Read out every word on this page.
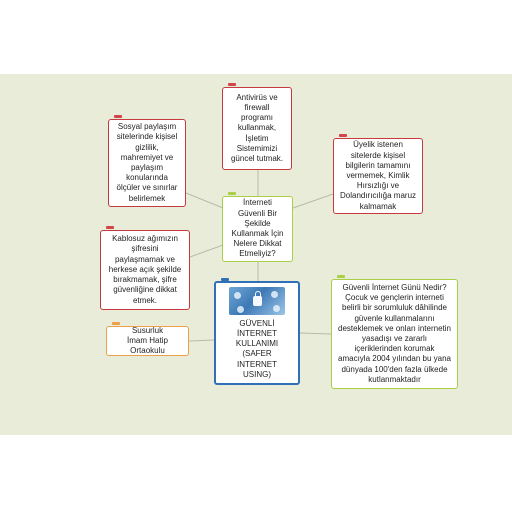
Antivirüs ve
firewall
programı
kullanmak,
İşletim
Sistemimizi
güncel tutmak.
Sosyal paylaşım
sitelerinde kişisel
gizlilik,
mahremiyet ve
paylaşım
konularında
ölçüler ve sınırlar
belirlemek
Üyelik istenen
sitelerde kişisel
bilgilerin tamamını
vermemek, Kimlik
Hırsızlığı ve
Dolandırıcılığa maruz
kalmamak
İnterneti
Güvenli Bir
Şekilde
Kullanmak İçin
Nelere Dikkat
Etmeliyiz?
Kablosuz ağımızın
şifresini
paylaşmamak ve
herkese açık şekilde
bırakmamak, şifre
güvenliğine dikkat
etmek.
GÜVENLİ
İNTERNET
KULLANIMI
(SAFER
INTERNET
USING)
Susurluk
İmam Hatip
Ortaokulu
Güvenli İnternet Günü Nedir?
Çocuk ve gençlerin interneti
belirli bir sorumluluk dâhilinde
güvenle kullanmalarını
desteklemek ve onları internetin
yasadışı ve zararlı
içeriklerinden korumak
amacıyla 2004 yılından bu yana
dünyada 100'den fazla ülkede
kutlanmaktadır
